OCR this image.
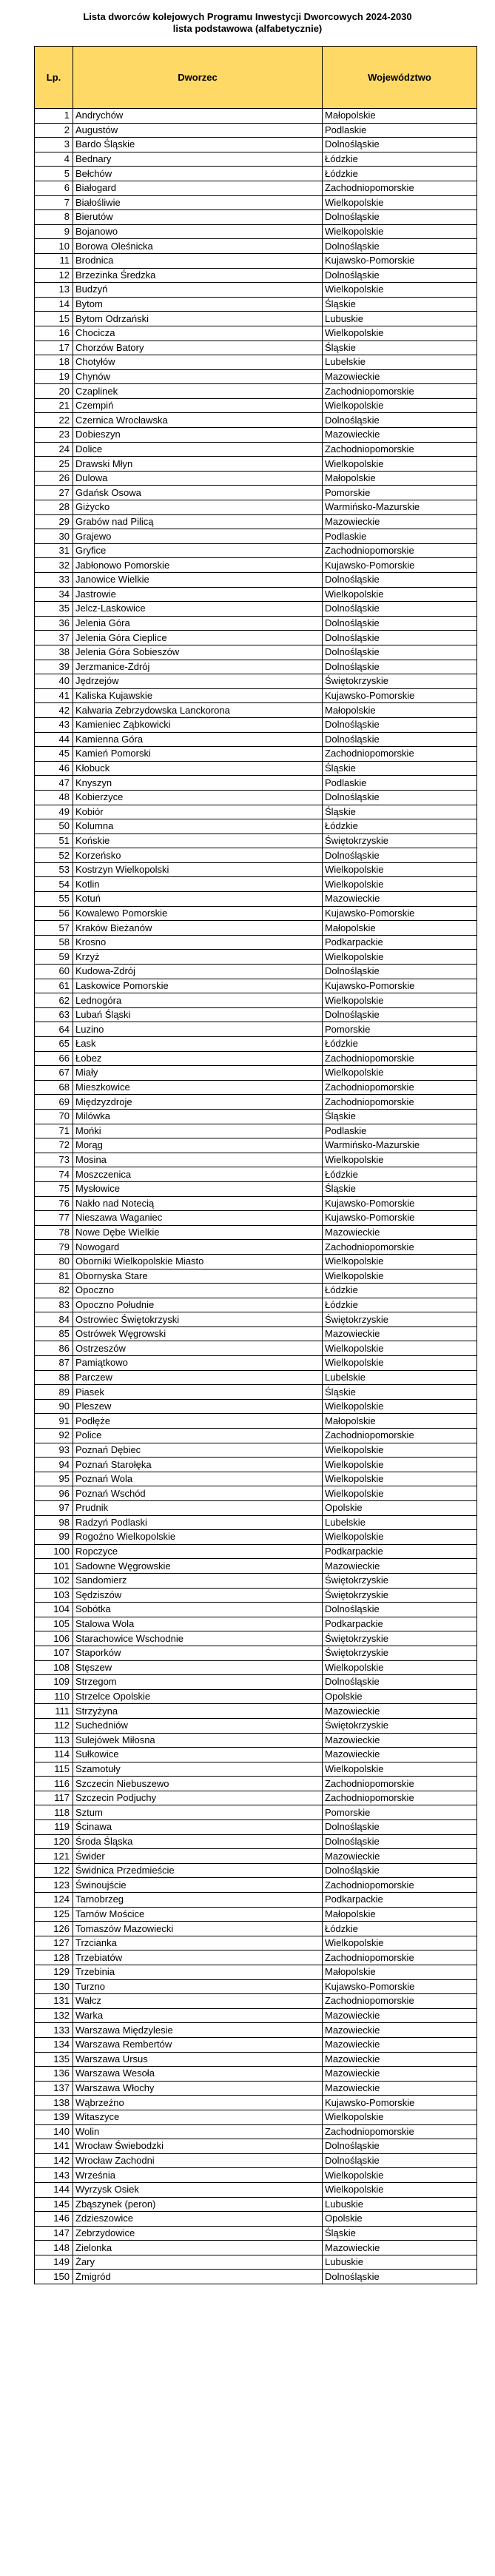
Lista dworców kolejowych Programu Inwestycji Dworcowych 2024-2030
lista podstawowa (alfabetycznie)
Lp.	Dworzec	Województwo
1	Andrychów	Małopolskie
2	Augustów	Podlaskie
3	Bardo Śląskie	Dolnośląskie
4	Bednary	Łódzkie
5	Bełchów	Łódzkie
6	Białogard	Zachodniopomorskie
7	Białośliwie	Wielkopolskie
8	Bierutów	Dolnośląskie
9	Bojanowo	Wielkopolskie
10	Borowa Oleśnicka	Dolnośląskie
11	Brodnica	Kujawsko-Pomorskie
12	Brzezinka Średzka	Dolnośląskie
13	Budzyń	Wielkopolskie
14	Bytom	Śląskie
15	Bytom Odrzański	Lubuskie
16	Chocicza	Wielkopolskie
17	Chorzów Batory	Śląskie
18	Chotyłów	Lubelskie
19	Chynów	Mazowieckie
20	Czaplinek	Zachodniopomorskie
21	Czempiń	Wielkopolskie
22	Czernica Wrocławska	Dolnośląskie
23	Dobieszyn	Mazowieckie
24	Dolice	Zachodniopomorskie
25	Drawski Młyn	Wielkopolskie
26	Dulowa	Małopolskie
27	Gdańsk Osowa	Pomorskie
28	Giżycko	Warmińsko-Mazurskie
29	Grabów nad Pilicą	Mazowieckie
30	Grajewo	Podlaskie
31	Gryfice	Zachodniopomorskie
32	Jabłonowo Pomorskie	Kujawsko-Pomorskie
33	Janowice Wielkie	Dolnośląskie
34	Jastrowie	Wielkopolskie
35	Jelcz-Laskowice	Dolnośląskie
36	Jelenia Góra	Dolnośląskie
37	Jelenia Góra Cieplice	Dolnośląskie
38	Jelenia Góra Sobieszów	Dolnośląskie
39	Jerzmanice-Zdrój	Dolnośląskie
40	Jędrzejów	Świętokrzyskie
41	Kaliska Kujawskie	Kujawsko-Pomorskie
42	Kalwaria Zebrzydowska Lanckorona	Małopolskie
43	Kamieniec Ząbkowicki	Dolnośląskie
44	Kamienna Góra	Dolnośląskie
45	Kamień Pomorski	Zachodniopomorskie
46	Kłobuck	Śląskie
47	Knyszyn	Podlaskie
48	Kobierzyce	Dolnośląskie
49	Kobiór	Śląskie
50	Kolumna	Łódzkie
51	Końskie	Świętokrzyskie
52	Korzeńsko	Dolnośląskie
53	Kostrzyn Wielkopolski	Wielkopolskie
54	Kotlin	Wielkopolskie
55	Kotuń	Mazowieckie
56	Kowalewo Pomorskie	Kujawsko-Pomorskie
57	Kraków Bieżanów	Małopolskie
58	Krosno	Podkarpackie
59	Krzyż	Wielkopolskie
60	Kudowa-Zdrój	Dolnośląskie
61	Laskowice Pomorskie	Kujawsko-Pomorskie
62	Lednogóra	Wielkopolskie
63	Lubań Śląski	Dolnośląskie
64	Luzino	Pomorskie
65	Łask	Łódzkie
66	Łobez	Zachodniopomorskie
67	Miały	Wielkopolskie
68	Mieszkowice	Zachodniopomorskie
69	Międzyzdroje	Zachodniopomorskie
70	Milówka	Śląskie
71	Mońki	Podlaskie
72	Morąg	Warmińsko-Mazurskie
73	Mosina	Wielkopolskie
74	Moszczenica	Łódzkie
75	Mysłowice	Śląskie
76	Nakło nad Notecią	Kujawsko-Pomorskie
77	Nieszawa Waganiec	Kujawsko-Pomorskie
78	Nowe Dębe Wielkie	Mazowieckie
79	Nowogard	Zachodniopomorskie
80	Oborniki Wielkopolskie Miasto	Wielkopolskie
81	Obornyska Stare	Wielkopolskie
82	Opoczno	Łódzkie
83	Opoczno Południe	Łódzkie
84	Ostrowiec Świętokrzyski	Świętokrzyskie
85	Ostrówek Węgrowski	Mazowieckie
86	Ostrzeszów	Wielkopolskie
87	Pamiątkowo	Wielkopolskie
88	Parczew	Lubelskie
89	Piasek	Śląskie
90	Pleszew	Wielkopolskie
91	Podłęże	Małopolskie
92	Police	Zachodniopomorskie
93	Poznań Dębiec	Wielkopolskie
94	Poznań Starołęka	Wielkopolskie
95	Poznań Wola	Wielkopolskie
96	Poznań Wschód	Wielkopolskie
97	Prudnik	Opolskie
98	Radzyń Podlaski	Lubelskie
99	Rogoźno Wielkopolskie	Wielkopolskie
100	Ropczyce	Podkarpackie
101	Sadowne Węgrowskie	Mazowieckie
102	Sandomierz	Świętokrzyskie
103	Sędziszów	Świętokrzyskie
104	Sobótka	Dolnośląskie
105	Stalowa Wola	Podkarpackie
106	Starachowice Wschodnie	Świętokrzyskie
107	Staporków	Świętokrzyskie
108	Stęszew	Wielkopolskie
109	Strzegom	Dolnośląskie
110	Strzelce Opolskie	Opolskie
111	Strzyżyna	Mazowieckie
112	Suchedniów	Świętokrzyskie
113	Sulejówek Miłosna	Mazowieckie
114	Sułkowice	Mazowieckie
115	Szamotuły	Wielkopolskie
116	Szczecin Niebuszewo	Zachodniopomorskie
117	Szczecin Podjuchy	Zachodniopomorskie
118	Sztum	Pomorskie
119	Ścinawa	Dolnośląskie
120	Środa Śląska	Dolnośląskie
121	Świder	Mazowieckie
122	Świdnica Przedmieście	Dolnośląskie
123	Świnoujście	Zachodniopomorskie
124	Tarnobrzeg	Podkarpackie
125	Tarnów Mościce	Małopolskie
126	Tomaszów Mazowiecki	Łódzkie
127	Trzcianka	Wielkopolskie
128	Trzebiatów	Zachodniopomorskie
129	Trzebinia	Małopolskie
130	Turzno	Kujawsko-Pomorskie
131	Wałcz	Zachodniopomorskie
132	Warka	Mazowieckie
133	Warszawa Międzylesie	Mazowieckie
134	Warszawa Rembertów	Mazowieckie
135	Warszawa Ursus	Mazowieckie
136	Warszawa Wesoła	Mazowieckie
137	Warszawa Włochy	Mazowieckie
138	Wąbrzeźno	Kujawsko-Pomorskie
139	Witaszyce	Wielkopolskie
140	Wolin	Zachodniopomorskie
141	Wrocław Świebodzki	Dolnośląskie
142	Wrocław Zachodni	Dolnośląskie
143	Września	Wielkopolskie
144	Wyrzysk Osiek	Wielkopolskie
145	Zbąszynek (peron)	Lubuskie
146	Zdzieszowice	Opolskie
147	Zebrzydowice	Śląskie
148	Zielonka	Mazowieckie
149	Żary	Lubuskie
150	Żmigród	Dolnośląskie
